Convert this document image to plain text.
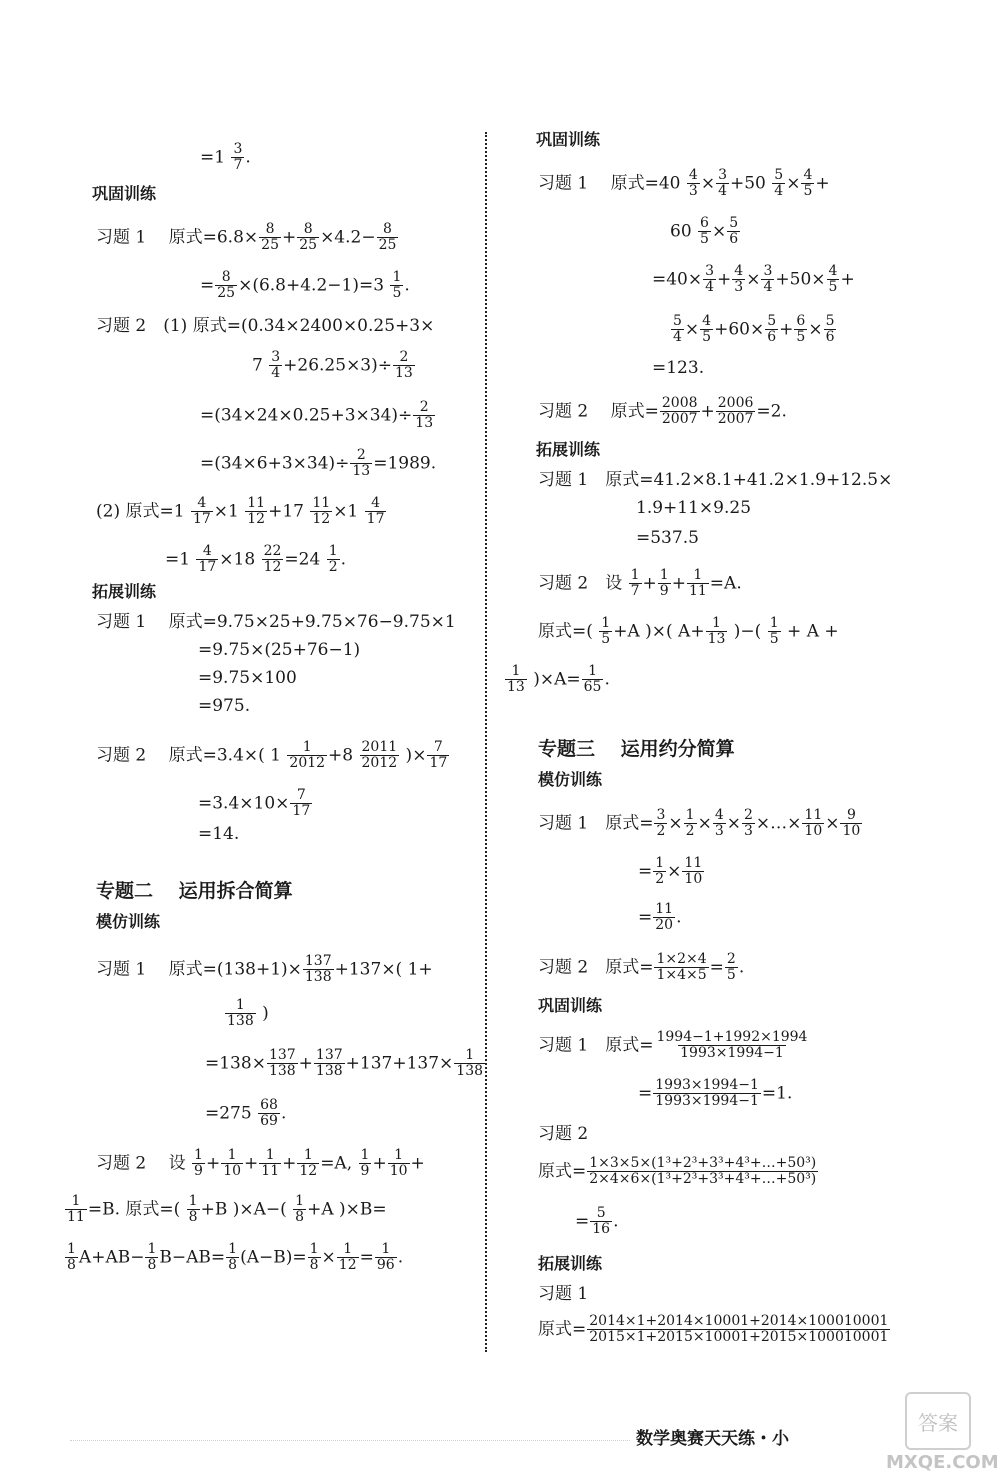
$=1 \frac{3}{7}$ .
巩固训练
习题 1　 原式$=6.8\times \frac{8}{25} + \frac{8}{25} \times 4.2- \frac{8}{25}$
= $\frac{8}{25} \times(6.8+4.2-1)=3 \frac{1}{5}$ .
习题 2　(1) 原式=(0.34×2400×0.25+3×
$7 \frac{3}{4} +26.25\times 3)\div \frac{2}{13}$
$=(34\times 24\times 0.25+3\times 34)\div \frac{2}{13}$
$=(34\times 6+3\times 34)\div \frac{2}{13} =1989$.
(2) 原式$=1 \frac{4}{17} \times 1 \frac{11}{12} +17 \frac{11}{12} \times 1 \frac{4}{17}$
$=1 \frac{4}{17} \times 18 \frac{22}{12} =24 \frac{1}{2}$ .
拓展训练
习题 1　 原式=9.75×25+9.75×76−9.75×1
=9.75×(25+76−1)
=9.75×100
=975.
习题 2　 原式=3.4×( $1 \frac{1}{2012} +8 \frac{2011}{2012}$ )× $\frac{7}{17}$
$=3.4\times 10\times \frac{7}{17}$
=14.
专题二　 运用拆合简算
模仿训练
习题 1　 原式$=(138+1)\times \frac{137}{138} +137\times$( 1+
$\frac{1}{138}$ )
$=138\times \frac{137}{138} + \frac{137}{138} +137+137\times \frac{1}{138}$
$=275 \frac{68}{69}$ .
习题 2　 设 $\frac{1}{9} + \frac{1}{10} + \frac{1}{11} + \frac{1}{12} =A$, $\frac{1}{9} + \frac{1}{10}$ +
$\frac{1}{11} =B$. 原式=( $\frac{1}{8} +B$ )$\times A-( \frac{1}{8} +A$ )×B=
$\frac{1}{8} A+AB- \frac{1}{8} B-AB= \frac{1}{8} (A-B)= \frac{1}{8} \times \frac{1}{12} = \frac{1}{96}$ .
巩固训练
习题 1　 原式$=40 \frac{4}{3} \times \frac{3}{4} +50 \frac{5}{4} \times \frac{4}{5}$ +
$60 \frac{6}{5} \times \frac{5}{6}$
$=40\times \frac{3}{4} + \frac{4}{3} \times \frac{3}{4} +50\times \frac{4}{5}$ +
$\frac{5}{4} \times \frac{4}{5} +60\times \frac{5}{6} + \frac{6}{5} \times \frac{5}{6}$
=123.
习题 2　 原式= $\frac{2008}{2007} + \frac{2006}{2007} =2$.
拓展训练
习题 1　原式=41.2×8.1+41.2×1.9+12.5×
1.9+11×9.25
=537.5
习题 2　设 $\frac{1}{7} + \frac{1}{9} + \frac{1}{11} =A$.
原式=( $\frac{1}{5} +A$ )×( $A+ \frac{1}{13}$ )−( $\frac{1}{5} + A$ +
$\frac{1}{13} )\times A= \frac{1}{65}$ .
专题三　 运用约分简算
模仿训练
习题 1　原式= $\frac{3}{2} \times \frac{1}{2} \times \frac{4}{3} \times \frac{2}{3}$ ×…× $\frac{11}{10} \times \frac{9}{10}$
= $\frac{1}{2} \times \frac{11}{10}$
= $\frac{11}{20}$ .
习题 2　原式= $\frac{1\times 2\times 4}{1\times 4\times 5} = \frac{2}{5}$ .
巩固训练
习题 1　原式= $\frac{1994-1+1992\times 1994}{1993\times 1994-1}$
= $\frac{1993\times 1994-1}{1993\times 1994-1} =1$.
习题 2
原式= $\frac{\text{1×3×5×(1³+2³+3³+4³+…+50³)}}{\text{2×4×6×(1³+2³+3³+4³+…+50³)}}$
= $\frac{5}{16}$ .
拓展训练
习题 1
原式= $\frac{2014\times 1+2014\times 10001+2014\times 100010001}{2015\times 1+2015\times 10001+2015\times 100010001}$
数学奥赛天天练・小
答案
MXQE.COM
